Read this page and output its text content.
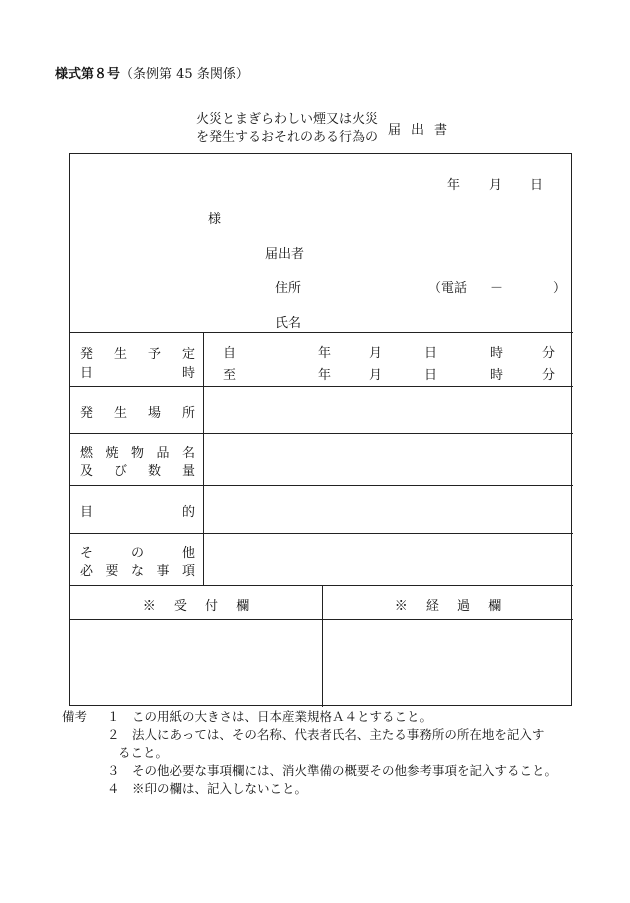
様式第８号（条例第 45 条関係）
火災とまぎらわしい煙又は火災
を発生するおそれのある行為の 届出書
年 月 日
様
届出者
住所	（電話 －	）
氏名
発 生 予 定
日	時
自	年	月	日	時	分
至	年	月	日	時	分
発 生 場 所
燃 焼 物 品 名
及 び 数 量
目	的
そ	の	他
必 要 な 事 項
※ 受 付 欄	※ 経 過 欄
備考 １　 この用紙の大きさは、日本産業規格Ａ４とすること。
２　 法人にあっては、その名称、代表者氏名、主たる事務所の所在地を記入す
ること。
３　 その他必要な事項欄には、消火準備の概要その他参考事項を記入すること。
４　 ※印の欄は、記入しないこと。
